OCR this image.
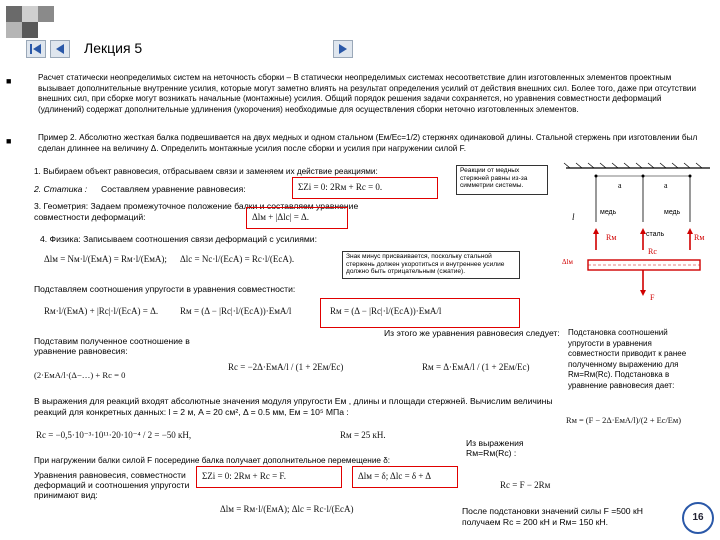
Лекция 5
■	Расчет статически неопределимых систем на неточность сборки – В статически неопределимых системах несоответствие длин изготовленных элементов проектным вызывает дополнительные внутренние усилия, которые могут заметно влиять на результат определения усилий от действия внешних сил. Более того, даже при отсутствии внешних сил, при сборке могут возникать начальные (монтажные) усилия. Общий порядок решения задачи сохраняется, но уравнения совместности деформаций (удлинений) содержат дополнительные удлинения (укорочения) необходимые для осуществления сборки неточно изготовленных элементов.
■	Пример 2. Абсолютно жесткая балка подвешивается на двух медных и одном стальном (Eм/Eс=1/2) стержнях одинаковой длины. Стальной стержень при изготовлении был сделан длиннее на величину Δ. Определить монтажные усилия после сборки и усилия при нагружении силой F.
1. Выбираем объект равновесия, отбрасываем связи и заменяем их действие реакциями:	Реакции от медных стержней равны из-за симметрии системы.
2. Статика : Составляем уравнение равновесия:	ΣZi = 0: 2Rм + Rс = 0.
3. Геометрия: Задаем промежуточное положение балки и составляем уравнение совместности деформаций:	Δlм + |Δlс| = Δ.
4. Физика: Записываем соотношения связи деформаций с усилиями:
Δlм = Nм·l/(EмA) = Rм·l/(EмA); Δlс = Nс·l/(EсA) = Rс·l/(EсA).	Знак минус присваивается, поскольку стальной стержень должен укоротиться и внутреннее усилие должно быть отрицательным (сжатие).
Подставляем соотношения упругости в уравнения совместности:
Rм·l/(EмA) + |Rс|·l/(EсA) = Δ. Rм = (Δ − |Rс|·l/(EсA))·EмA/l	Rм = (Δ − |Rс|·l/(EсA))·EмA/l
Подставим полученное соотношение в уравнение равновесия:
Из этого же уравнения равновесия следует:
Rс = −2Δ·EмA/l / (1 + 2Eм/Eс)	Rм = Δ·EмA/l / (1 + 2Eм/Eс)
(2·EмA/l·(Δ−…) + Rс = 0
В выражения для реакций входят абсолютные значения модуля упругости Eм , длины и площади стержней. Вычислим величины реакций для конкретных данных: l = 2 м, A = 20 см², Δ = 0.5 мм, Eм = 10⁵ МПа :
Rс = −0,5·10⁻³·10¹¹·20·10⁻⁴ / 2 = −50 кН,	Rм = 25 кН.
При нагружении балки силой F посередине балка получает дополнительное перемещение δ:
Уравнения равновесия, совместности деформаций и соотношения упругости принимают вид:
ΣZi = 0: 2Rм + Rс = F.	Δlм = δ; Δlс = δ + Δ
Δlм = Rм·l/(EмA); Δlс = Rс·l/(EсA)
Подстановка соотношений упругости в уравнения совместности приводит к ранее полученному выражению для Rм=Rм(Rс). Подстановка в уравнение равновесия дает:
Rм = (F − 2Δ·EмA/l)/(2 + Eс/Eм)
Из выражения Rм=Rм(Rс) :
Rс = F − 2Rм
После подстановки значений силы F =500 кН получаем Rс = 200 кН и Rм= 150 кН.	16
a	a
l	медь
сталь
медь
Rм
Rс
Rм
Δlм
F
